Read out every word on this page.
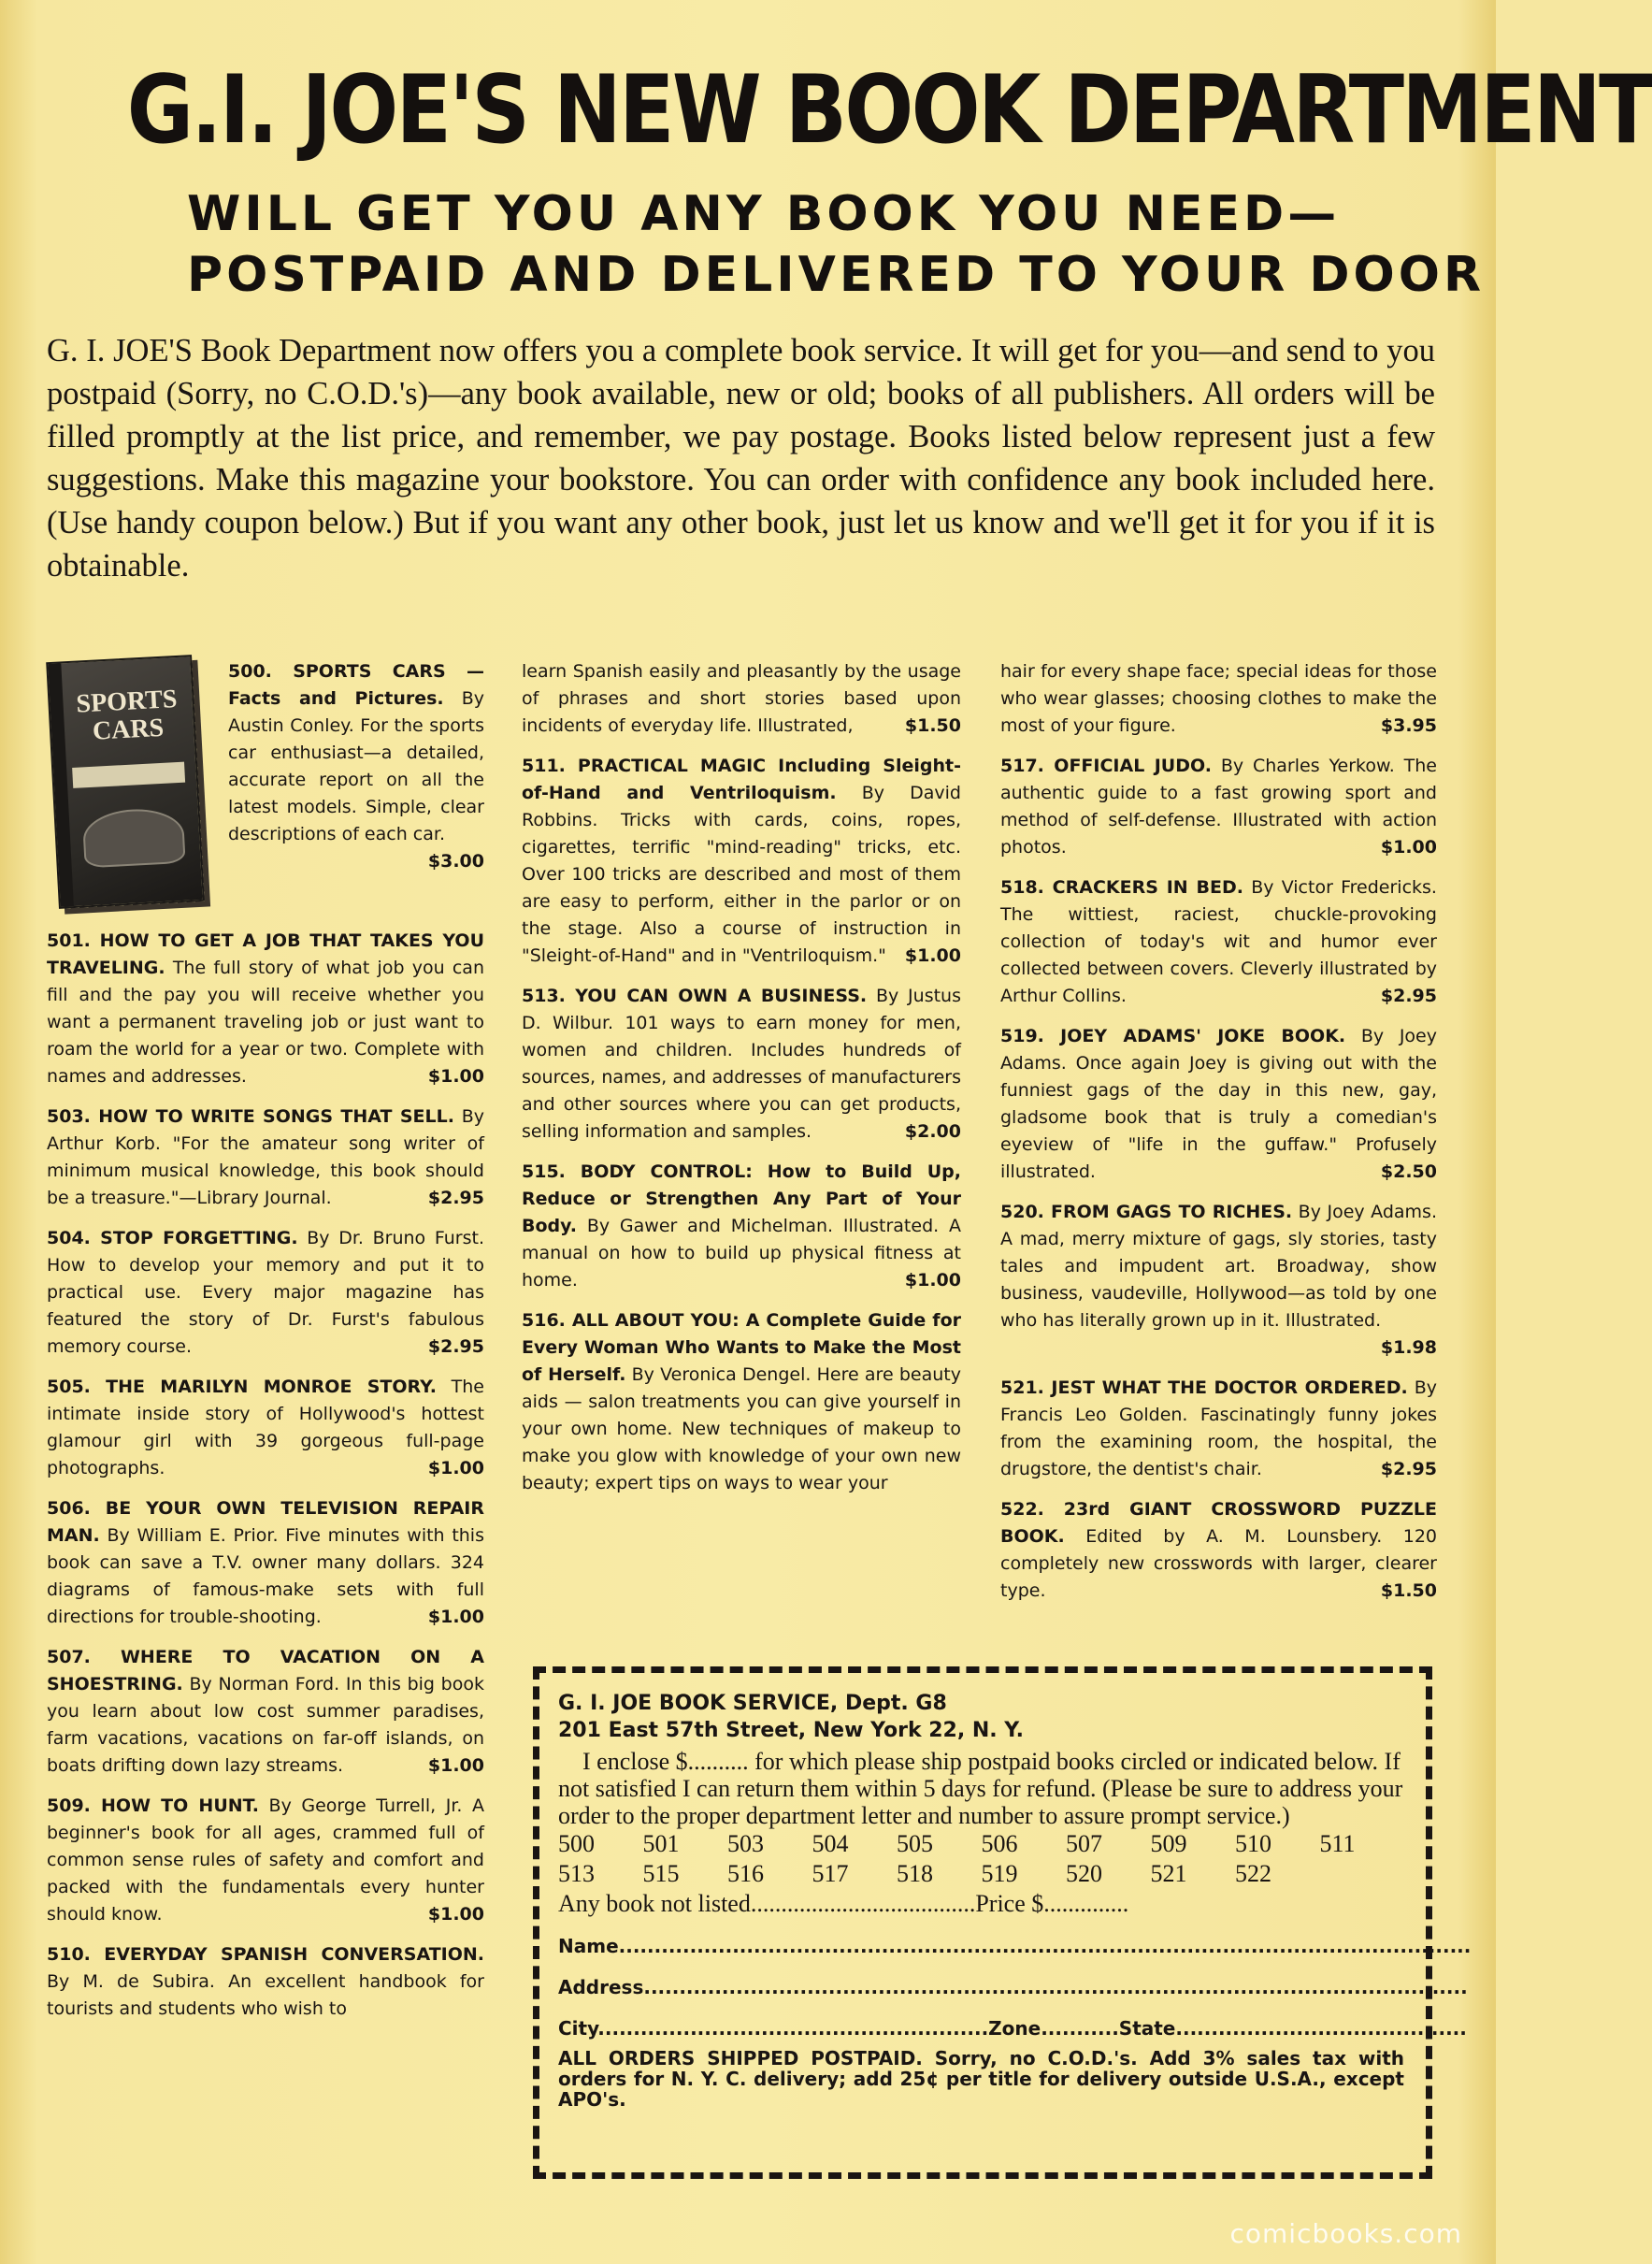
G.I. JOE'S NEW BOOK DEPARTMENT
WILL GET YOU ANY BOOK YOU NEED—
POSTPAID AND DELIVERED TO YOUR DOOR
G. I. JOE'S Book Department now offers you a complete book service. It will get for you—and send to you postpaid (Sorry, no C.O.D.'s)—any book available, new or old; books of all publishers. All orders will be filled promptly at the list price, and remember, we pay postage. Books listed below represent just a few suggestions. Make this magazine your bookstore. You can order with confidence any book included here. (Use handy coupon below.) But if you want any other book, just let us know and we'll get it for you if it is obtainable.
SPORTS CARS
500. SPORTS CARS — Facts and Pictures. By Austin Conley. For the sports car enthusiast—a detailed, accurate report on all the latest models. Simple, clear descriptions of each car.
$3.00
501. HOW TO GET A JOB THAT TAKES YOU TRAVELING. The full story of what job you can fill and the pay you will receive whether you want a permanent traveling job or just want to roam the world for a year or two. Complete with names and addresses.	$1.00
503. HOW TO WRITE SONGS THAT SELL. By Arthur Korb. "For the amateur song writer of minimum musical knowledge, this book should be a treasure."—Library Journal.	$2.95
504. STOP FORGETTING. By Dr. Bruno Furst. How to develop your memory and put it to practical use. Every major magazine has featured the story of Dr. Furst's fabulous memory course.	$2.95
505. THE MARILYN MONROE STORY. The intimate inside story of Hollywood's hottest glamour girl with 39 gorgeous full-page photographs.	$1.00
506. BE YOUR OWN TELEVISION REPAIR MAN. By William E. Prior. Five minutes with this book can save a T.V. owner many dollars. 324 diagrams of famous-make sets with full directions for trouble-shooting.	$1.00
507. WHERE TO VACATION ON A SHOESTRING. By Norman Ford. In this big book you learn about low cost summer paradises, farm vacations, vacations on far-off islands, on boats drifting down lazy streams.	$1.00
509. HOW TO HUNT. By George Turrell, Jr. A beginner's book for all ages, crammed full of common sense rules of safety and comfort and packed with the fundamentals every hunter should know.	$1.00
510. EVERYDAY SPANISH CONVERSATION. By M. de Subira. An excellent handbook for tourists and students who wish to
learn Spanish easily and pleasantly by the usage of phrases and short stories based upon incidents of everyday life. Illustrated,	$1.50
511. PRACTICAL MAGIC Including Sleight-of-Hand and Ventriloquism. By David Robbins. Tricks with cards, coins, ropes, cigarettes, terrific "mind-reading" tricks, etc. Over 100 tricks are described and most of them are easy to perform, either in the parlor or on the stage. Also a course of instruction in "Sleight-of-Hand" and in "Ventriloquism."	$1.00
513. YOU CAN OWN A BUSINESS. By Justus D. Wilbur. 101 ways to earn money for men, women and children. Includes hundreds of sources, names, and addresses of manufacturers and other sources where you can get products, selling information and samples.	$2.00
515. BODY CONTROL: How to Build Up, Reduce or Strengthen Any Part of Your Body. By Gawer and Michelman. Illustrated. A manual on how to build up physical fitness at home.	$1.00
516. ALL ABOUT YOU: A Complete Guide for Every Woman Who Wants to Make the Most of Herself. By Veronica Dengel. Here are beauty aids — salon treatments you can give yourself in your own home. New techniques of makeup to make you glow with knowledge of your own new beauty; expert tips on ways to wear your
hair for every shape face; special ideas for those who wear glasses; choosing clothes to make the most of your figure.	$3.95
517. OFFICIAL JUDO. By Charles Yerkow. The authentic guide to a fast growing sport and method of self-defense. Illustrated with action photos.	$1.00
518. CRACKERS IN BED. By Victor Fredericks. The wittiest, raciest, chuckle-provoking collection of today's wit and humor ever collected between covers. Cleverly illustrated by Arthur Collins.	$2.95
519. JOEY ADAMS' JOKE BOOK. By Joey Adams. Once again Joey is giving out with the funniest gags of the day in this new, gay, gladsome book that is truly a comedian's eyeview of "life in the guffaw." Profusely illustrated.	$2.50
520. FROM GAGS TO RICHES. By Joey Adams. A mad, merry mixture of gags, sly stories, tasty tales and impudent art. Broadway, show business, vaudeville, Hollywood—as told by one who has literally grown up in it. Illustrated.
$1.98
521. JEST WHAT THE DOCTOR ORDERED. By Francis Leo Golden. Fascinatingly funny jokes from the examining room, the hospital, the drugstore, the dentist's chair.	$2.95
522. 23rd GIANT CROSSWORD PUZZLE BOOK. Edited by A. M. Lounsbery. 120 completely new crosswords with larger, clearer type.	$1.50
G. I. JOE BOOK SERVICE, Dept. G8
201 East 57th Street, New York 22, N. Y.
I enclose $.......... for which please ship postpaid books circled or indicated below. If not satisfied I can return them within 5 days for refund. (Please be sure to address your order to the proper department letter and number to assure prompt service.)
500	501	503	504	505	506	507	509	510	511
513	515	516	517	518	519	520	521	522
Any book not listed.....................................Price $..............
Name........................................................................................................................
Address....................................................................................................................
City.......................................................Zone...........State.........................................
ALL ORDERS SHIPPED POSTPAID. Sorry, no C.O.D.'s. Add 3% sales tax with orders for N. Y. C. delivery; add 25¢ per title for delivery outside U.S.A., except APO's.
comicbooks.com
